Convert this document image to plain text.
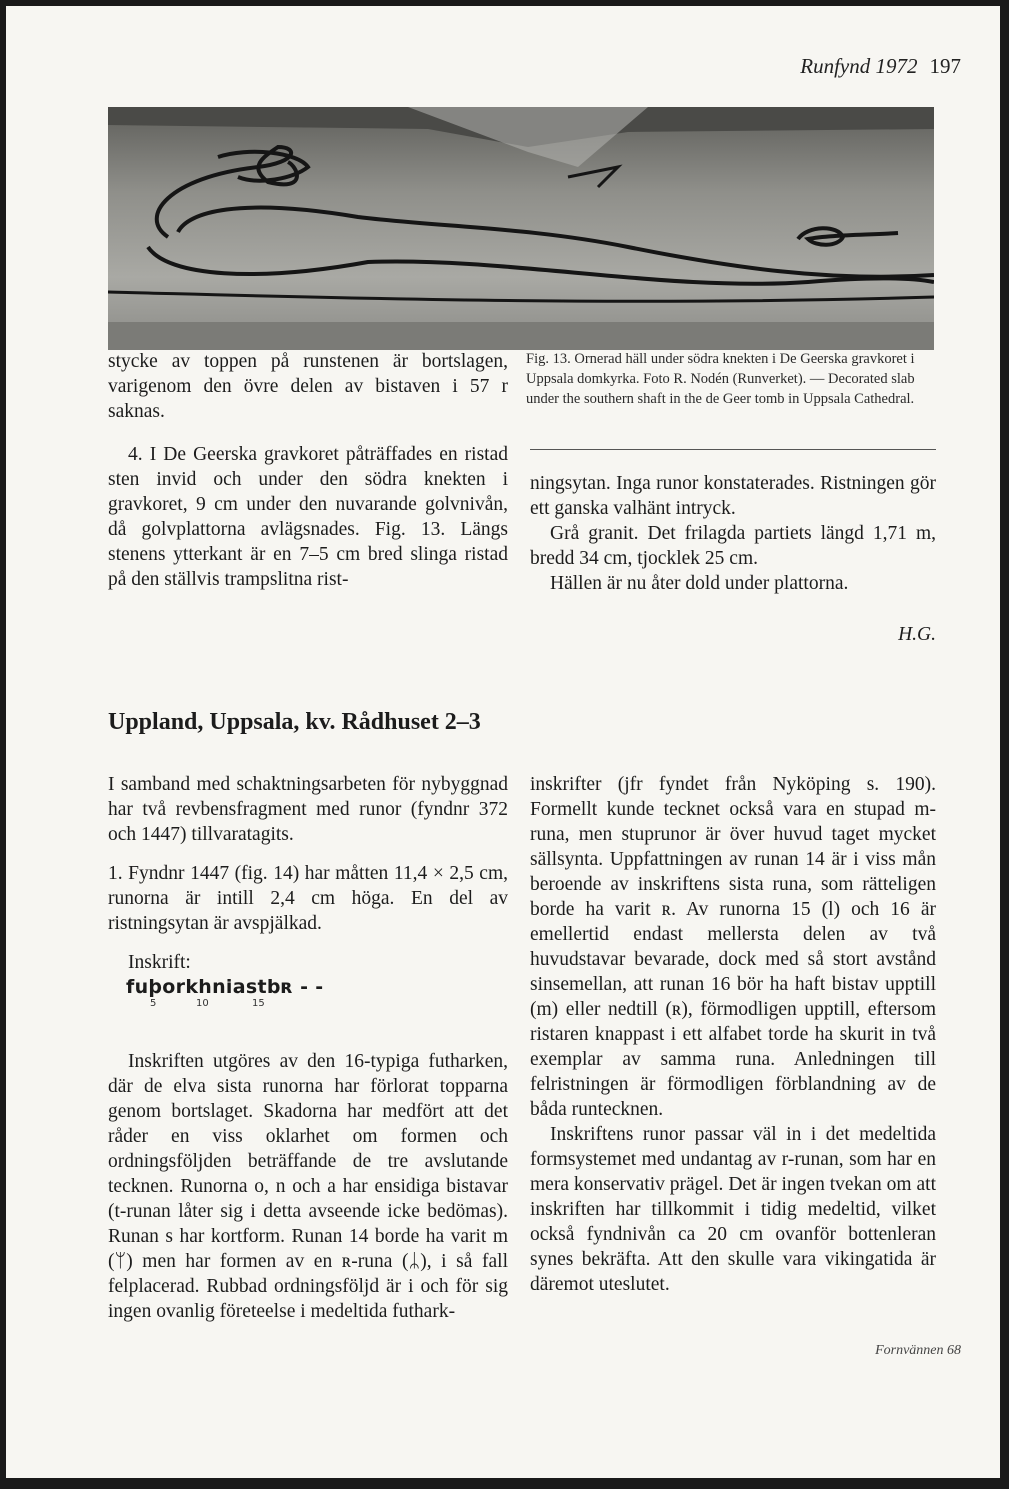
Runfynd 1972 197

stycke av toppen på runstenen är bortslagen, varigenom den övre delen av bistaven i 57 r saknas.

4. I De Geerska gravkoret påträffades en ristad sten invid och under den södra knekten i gravkoret, 9 cm under den nuvarande golvnivån, då golvplattorna avlägsnades. Fig. 13. Längs stenens ytterkant är en 7–5 cm bred slinga ristad på den ställvis trampslitna rist-

Fig. 13. Ornerad häll under södra knekten i De Geerska gravkoret i Uppsala domkyrka. Foto R. Nodén (Runverket). — Decorated slab under the southern shaft in the de Geer tomb in Uppsala Cathedral.

ningsytan. Inga runor konstaterades. Ristningen gör ett ganska valhänt intryck.

Grå granit. Det frilagda partiets längd 1,71 m, bredd 34 cm, tjocklek 25 cm.

Hällen är nu åter dold under plattorna.

H.G.
Uppland, Uppsala, kv. Rådhuset 2–3

I samband med schaktningsarbeten för nybyggnad har två revbensfragment med runor (fyndnr 372 och 1447) tillvaratagits.

1. Fyndnr 1447 (fig. 14) har måtten 11,4 × 2,5 cm, runorna är intill 2,4 cm höga. En del av ristningsytan är avspjälkad.

Inskrift:

fuþorkhniastbʀ - -
5	10	15

Inskriften utgöres av den 16-typiga futharken, där de elva sista runorna har förlorat topparna genom bortslaget. Skadorna har medfört att det råder en viss oklarhet om formen och ordningsföljden beträffande de tre avslutande tecknen. Runorna o, n och a har ensidiga bistavar (t-runan låter sig i detta avseende icke bedömas). Runan s har kortform. Runan 14 borde ha varit m (ᛘ) men har formen av en ʀ-runa (ᛦ), i så fall felplacerad. Rubbad ordningsföljd är i och för sig ingen ovanlig företeelse i medeltida futhark-

inskrifter (jfr fyndet från Nyköping s. 190). Formellt kunde tecknet också vara en stupad m-runa, men stuprunor är över huvud taget mycket sällsynta. Uppfattningen av runan 14 är i viss mån beroende av inskriftens sista runa, som rätteligen borde ha varit ʀ. Av runorna 15 (l) och 16 är emellertid endast mellersta delen av två huvudstavar bevarade, dock med så stort avstånd sinsemellan, att runan 16 bör ha haft bistav upptill (m) eller nedtill (ʀ), förmodligen upptill, eftersom ristaren knappast i ett alfabet torde ha skurit in två exemplar av samma runa. Anledningen till felristningen är förmodligen förblandning av de båda runtecknen.

Inskriftens runor passar väl in i det medeltida formsystemet med undantag av r-runan, som har en mera konservativ prägel. Det är ingen tvekan om att inskriften har tillkommit i tidig medeltid, vilket också fyndnivån ca 20 cm ovanför bottenleran synes bekräfta. Att den skulle vara vikingatida är däremot uteslutet.

Fornvännen 68
